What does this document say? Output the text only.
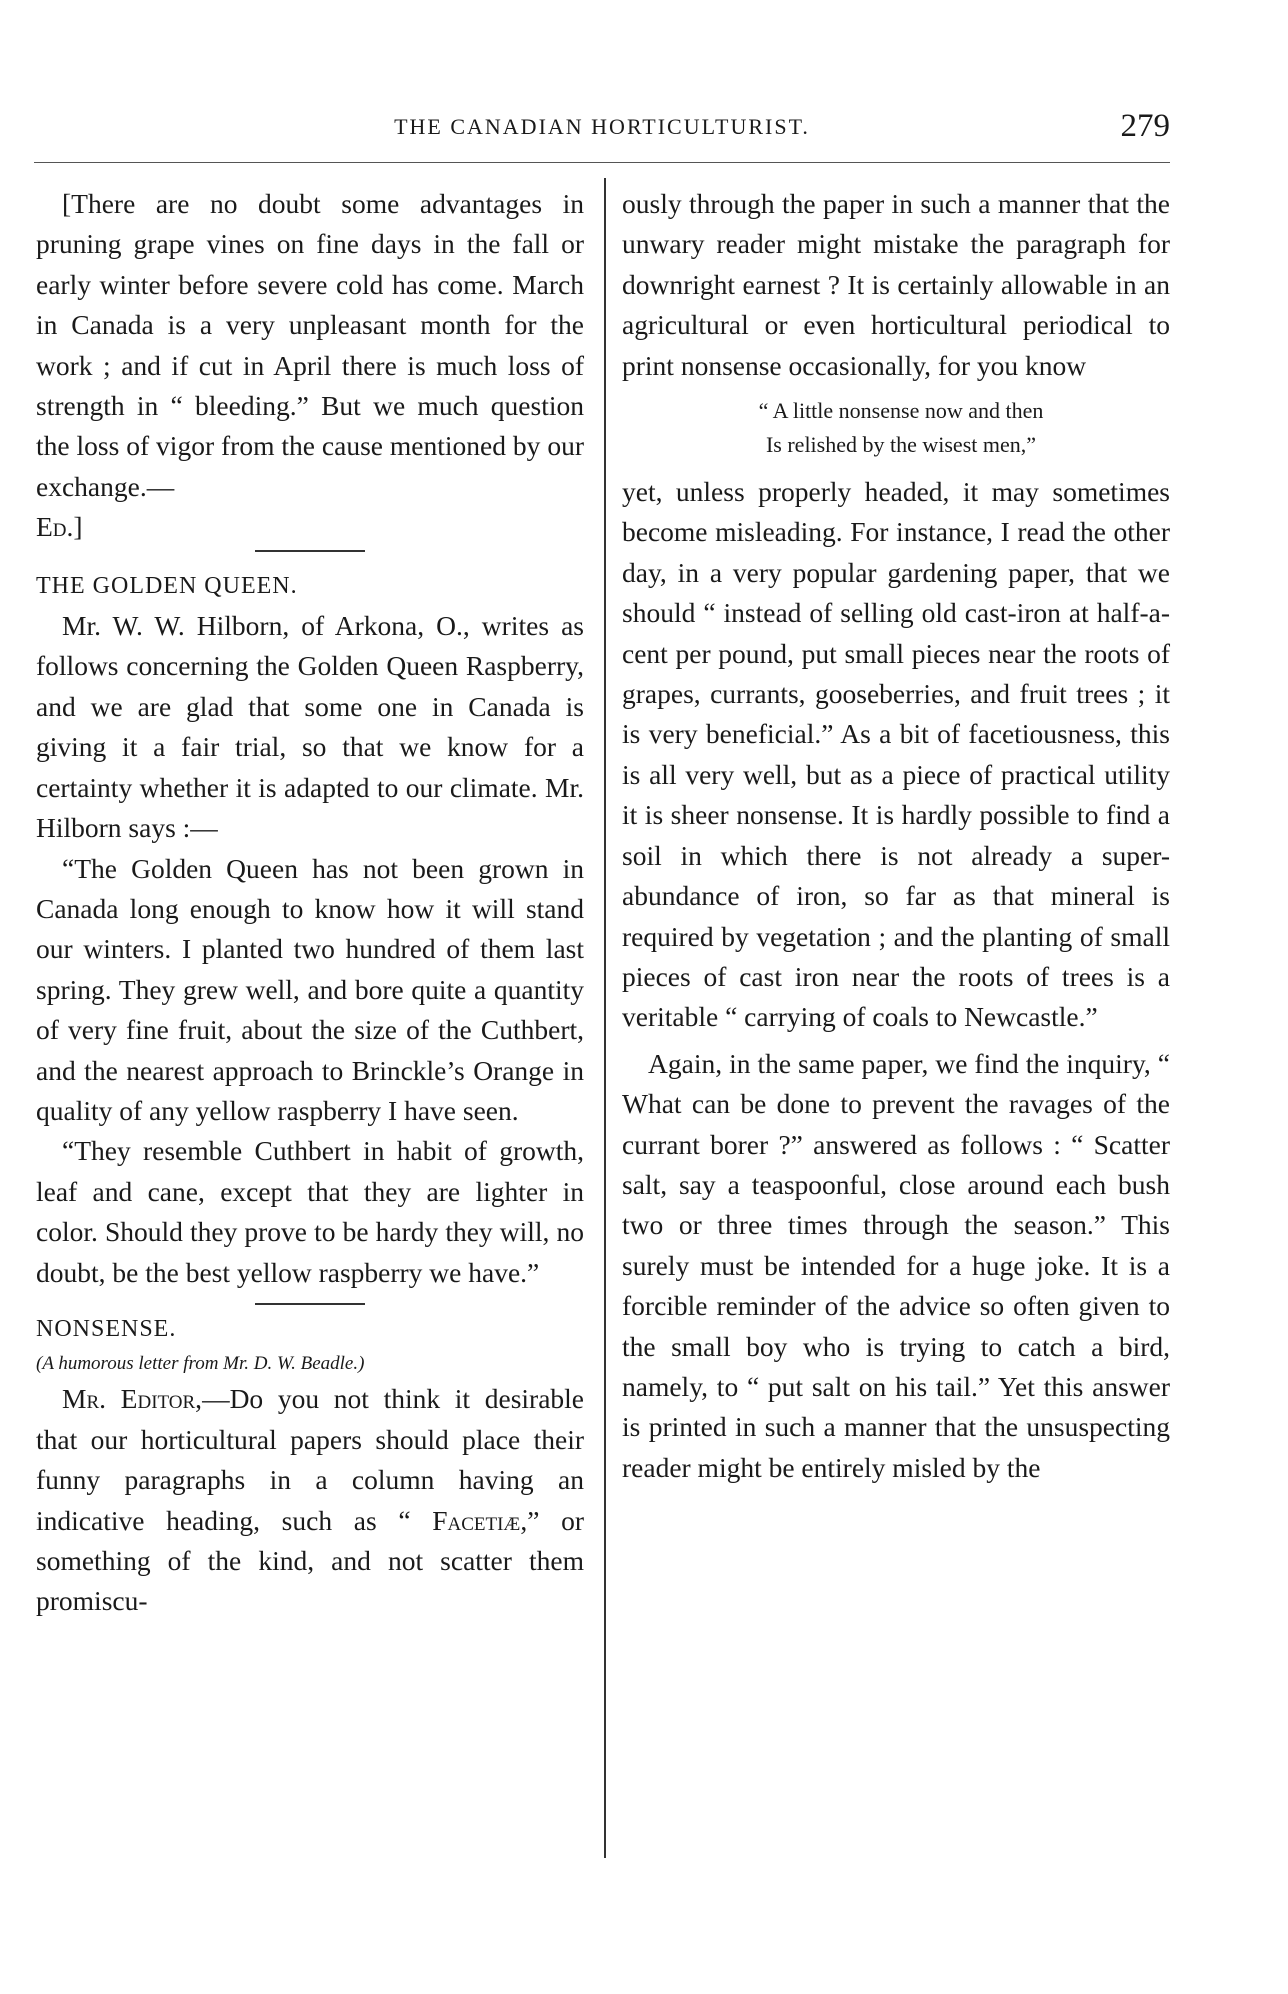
THE CANADIAN HORTICULTURIST.	279

[There are no doubt some advantages in pruning grape vines on fine days in the fall or early winter before severe cold has come. March in Canada is a very unpleasant month for the work ; and if cut in April there is much loss of strength in “ bleeding.” But we much question the loss of vigor from the cause mentioned by our exchange.—

Ed.]

THE GOLDEN QUEEN.

Mr. W. W. Hilborn, of Arkona, O., writes as follows concerning the Golden Queen Raspberry, and we are glad that some one in Canada is giving it a fair trial, so that we know for a certainty whether it is adapted to our climate. Mr. Hilborn says :—

“The Golden Queen has not been grown in Canada long enough to know how it will stand our winters. I planted two hundred of them last spring. They grew well, and bore quite a quantity of very fine fruit, about the size of the Cuthbert, and the nearest approach to Brinckle’s Orange in quality of any yellow raspberry I have seen.

“They resemble Cuthbert in habit of growth, leaf and cane, except that they are lighter in color. Should they prove to be hardy they will, no doubt, be the best yellow raspberry we have.”

NONSENSE.

(A humorous letter from Mr. D. W. Beadle.)

Mr. Editor,—Do you not think it desirable that our horticultural papers should place their funny paragraphs in a column having an indicative heading, such as “ Facetiæ,” or something of the kind, and not scatter them promiscu-

ously through the paper in such a manner that the unwary reader might mistake the paragraph for downright earnest ? It is certainly allowable in an agricultural or even horticultural periodical to print nonsense occasionally, for you know

“ A little nonsense now and then
Is relished by the wisest men,”

yet, unless properly headed, it may sometimes become misleading. For instance, I read the other day, in a very popular gardening paper, that we should “ instead of selling old cast-iron at half-a-cent per pound, put small pieces near the roots of grapes, currants, gooseberries, and fruit trees ; it is very beneficial.” As a bit of facetiousness, this is all very well, but as a piece of practical utility it is sheer nonsense. It is hardly possible to find a soil in which there is not already a super-abundance of iron, so far as that mineral is required by vegetation ; and the planting of small pieces of cast iron near the roots of trees is a veritable “ carrying of coals to Newcastle.”

Again, in the same paper, we find the inquiry, “ What can be done to prevent the ravages of the currant borer ?” answered as follows : “ Scatter salt, say a teaspoonful, close around each bush two or three times through the season.” This surely must be intended for a huge joke. It is a forcible reminder of the advice so often given to the small boy who is trying to catch a bird, namely, to “ put salt on his tail.” Yet this answer is printed in such a manner that the unsuspecting reader might be entirely misled by the
